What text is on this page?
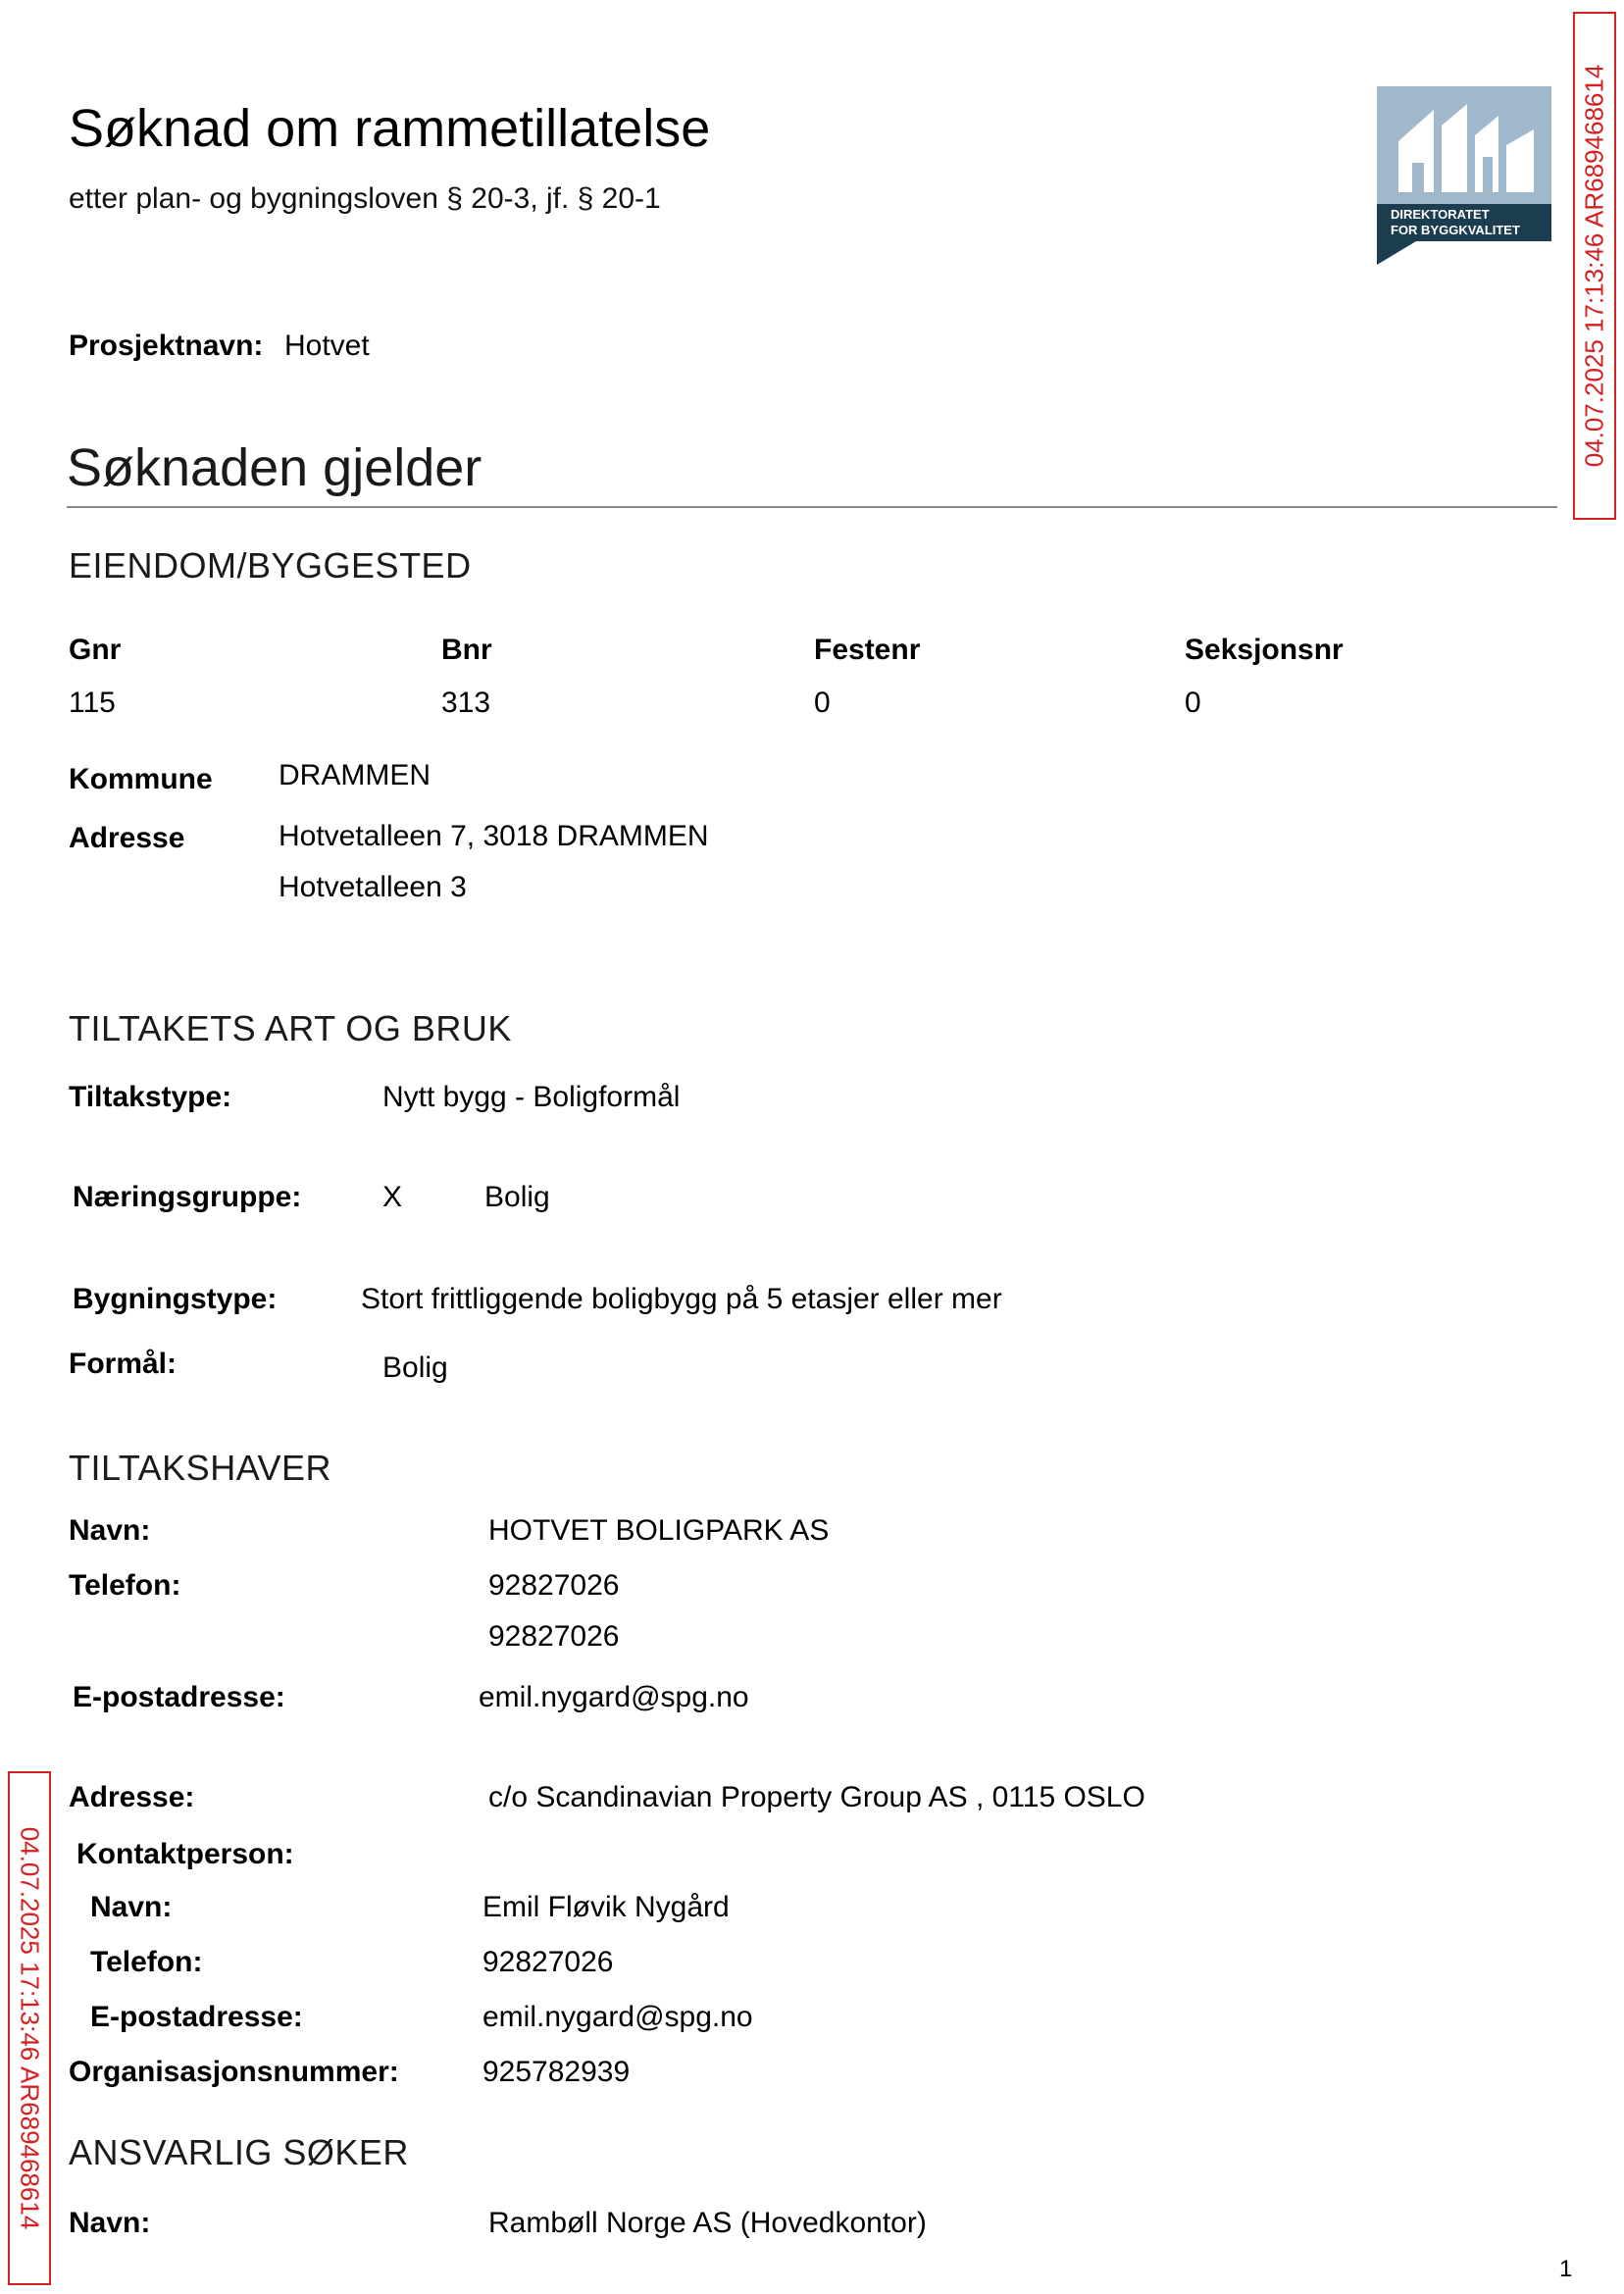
Søknad om rammetillatelse
etter plan- og bygningsloven § 20-3, jf. § 20-1	DIREKTORATET
FOR BYGGKVALITET	04.07.2025 17:13:46 AR689468614
04.07.2025 17:13:46 AR689468614
Prosjektnavn: Hotvet
Søknaden gjelder
EIENDOM/BYGGESTED
Gnr	Bnr	Festenr	Seksjonsnr
115	313	0	0
Kommune DRAMMEN
Adresse	Hotvetalleen 7, 3018 DRAMMEN
Hotvetalleen 3
TILTAKETS ART OG BRUK
Tiltakstype:	Nytt bygg - Boligformål
Næringsgruppe:	X	Bolig
Bygningstype:	Stort frittliggende boligbygg på 5 etasjer eller mer
Formål:	Bolig
TILTAKSHAVER
Navn:	HOTVET BOLIGPARK AS
Telefon:	92827026
92827026
E-postadresse:	emil.nygard@spg.no
Adresse:	c/o Scandinavian Property Group AS , 0115 OSLO
Kontaktperson:
Navn:	Emil Fløvik Nygård
Telefon:	92827026
E-postadresse:	emil.nygard@spg.no
Organisasjonsnummer:	925782939
ANSVARLIG SØKER
Navn:	Rambøll Norge AS (Hovedkontor)
1
